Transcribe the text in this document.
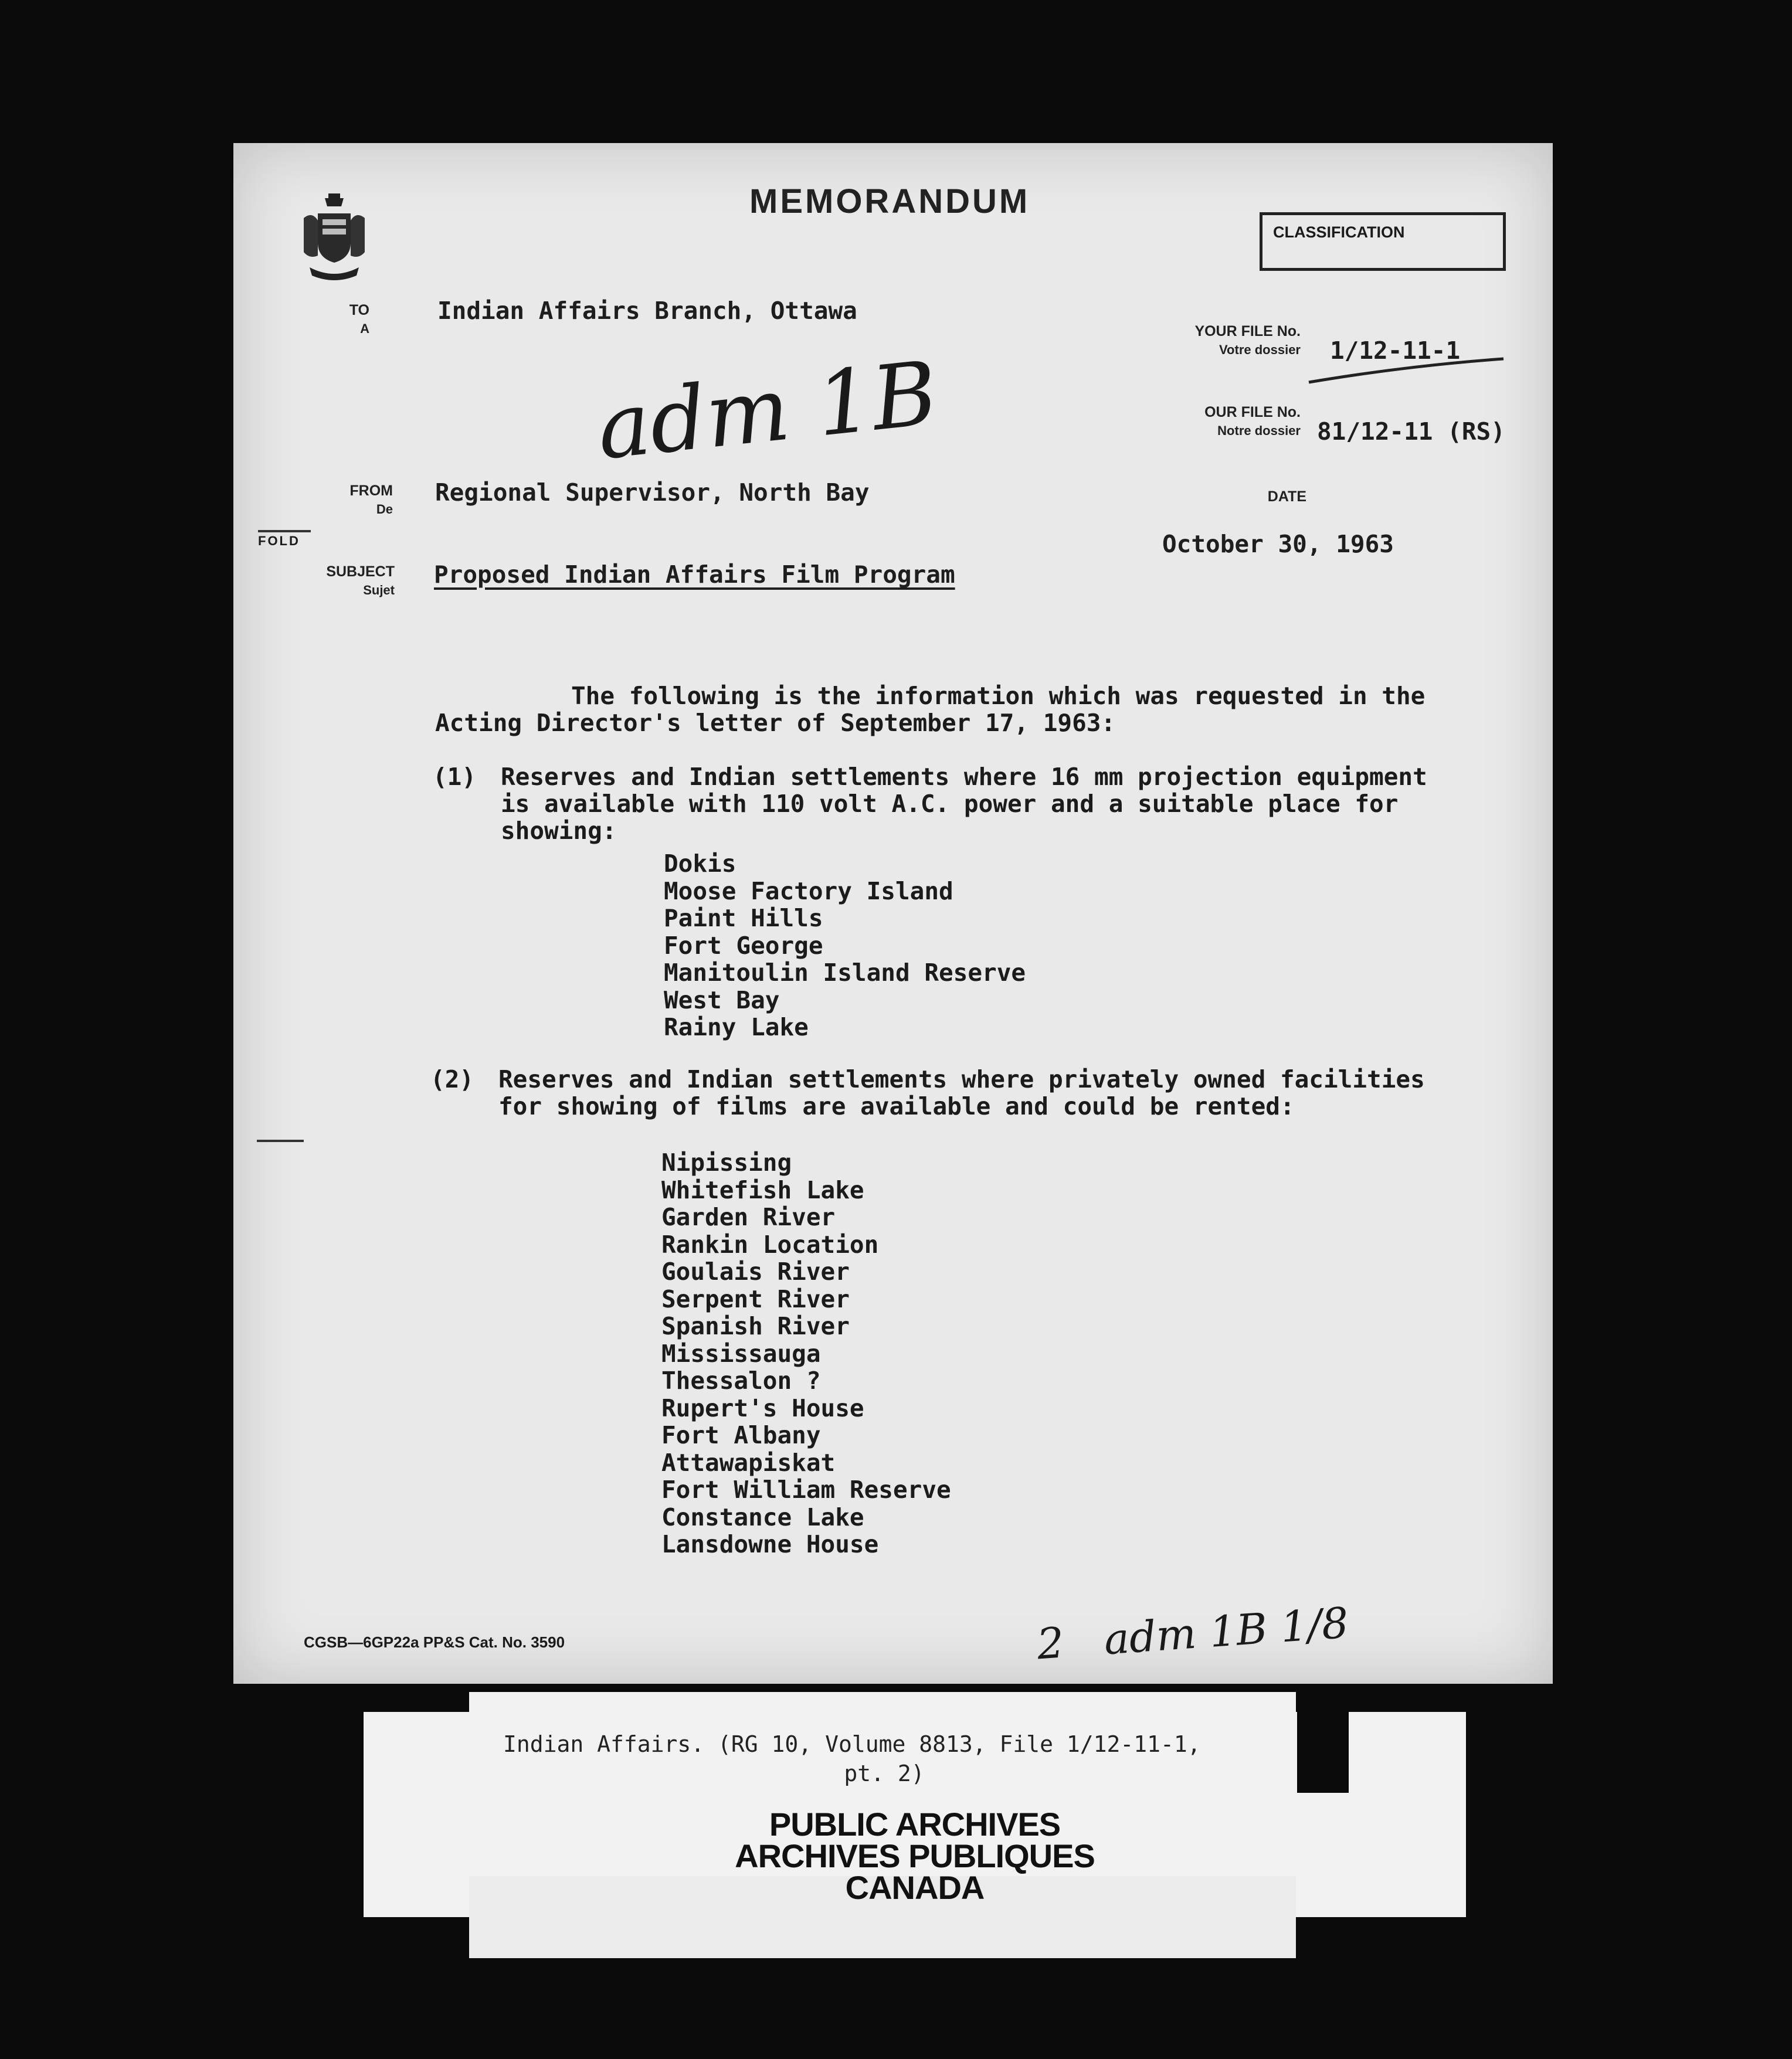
MEMORANDUM
CLASSIFICATION
TO
A
Indian Affairs Branch, Ottawa
adm 1B
YOUR FILE No.
Votre dossier 1/12-11-1
OUR FILE No.
Notre dossier 81/12-11 (RS)
FROM
De
Regional Supervisor, North Bay	DATE
October 30, 1963
FOLD
SUBJECT
Sujet
Proposed Indian Affairs Film Program
The following is the information which was requested in the
Acting Director's letter of September 17, 1963:
(1) Reserves and Indian settlements where 16 mm projection equipment
is available with 110 volt A.C. power and a suitable place for
showing:
Dokis
Moose Factory Island
Paint Hills
Fort George
Manitoulin Island Reserve
West Bay
Rainy Lake
(2) Reserves and Indian settlements where privately owned facilities
for showing of films are available and could be rented:
Nipissing
Whitefish Lake
Garden River
Rankin Location
Goulais River
Serpent River
Spanish River
Mississauga
Thessalon ?
Rupert's House
Fort Albany
Attawapiskat
Fort William Reserve
Constance Lake
Lansdowne House
CGSB—6GP22a PP&S Cat. No. 3590	2   adm 1B 1/8
Indian Affairs. (RG 10, Volume 8813, File 1/12-11-1,
pt. 2)
PUBLIC ARCHIVES
ARCHIVES PUBLIQUES
CANADA
